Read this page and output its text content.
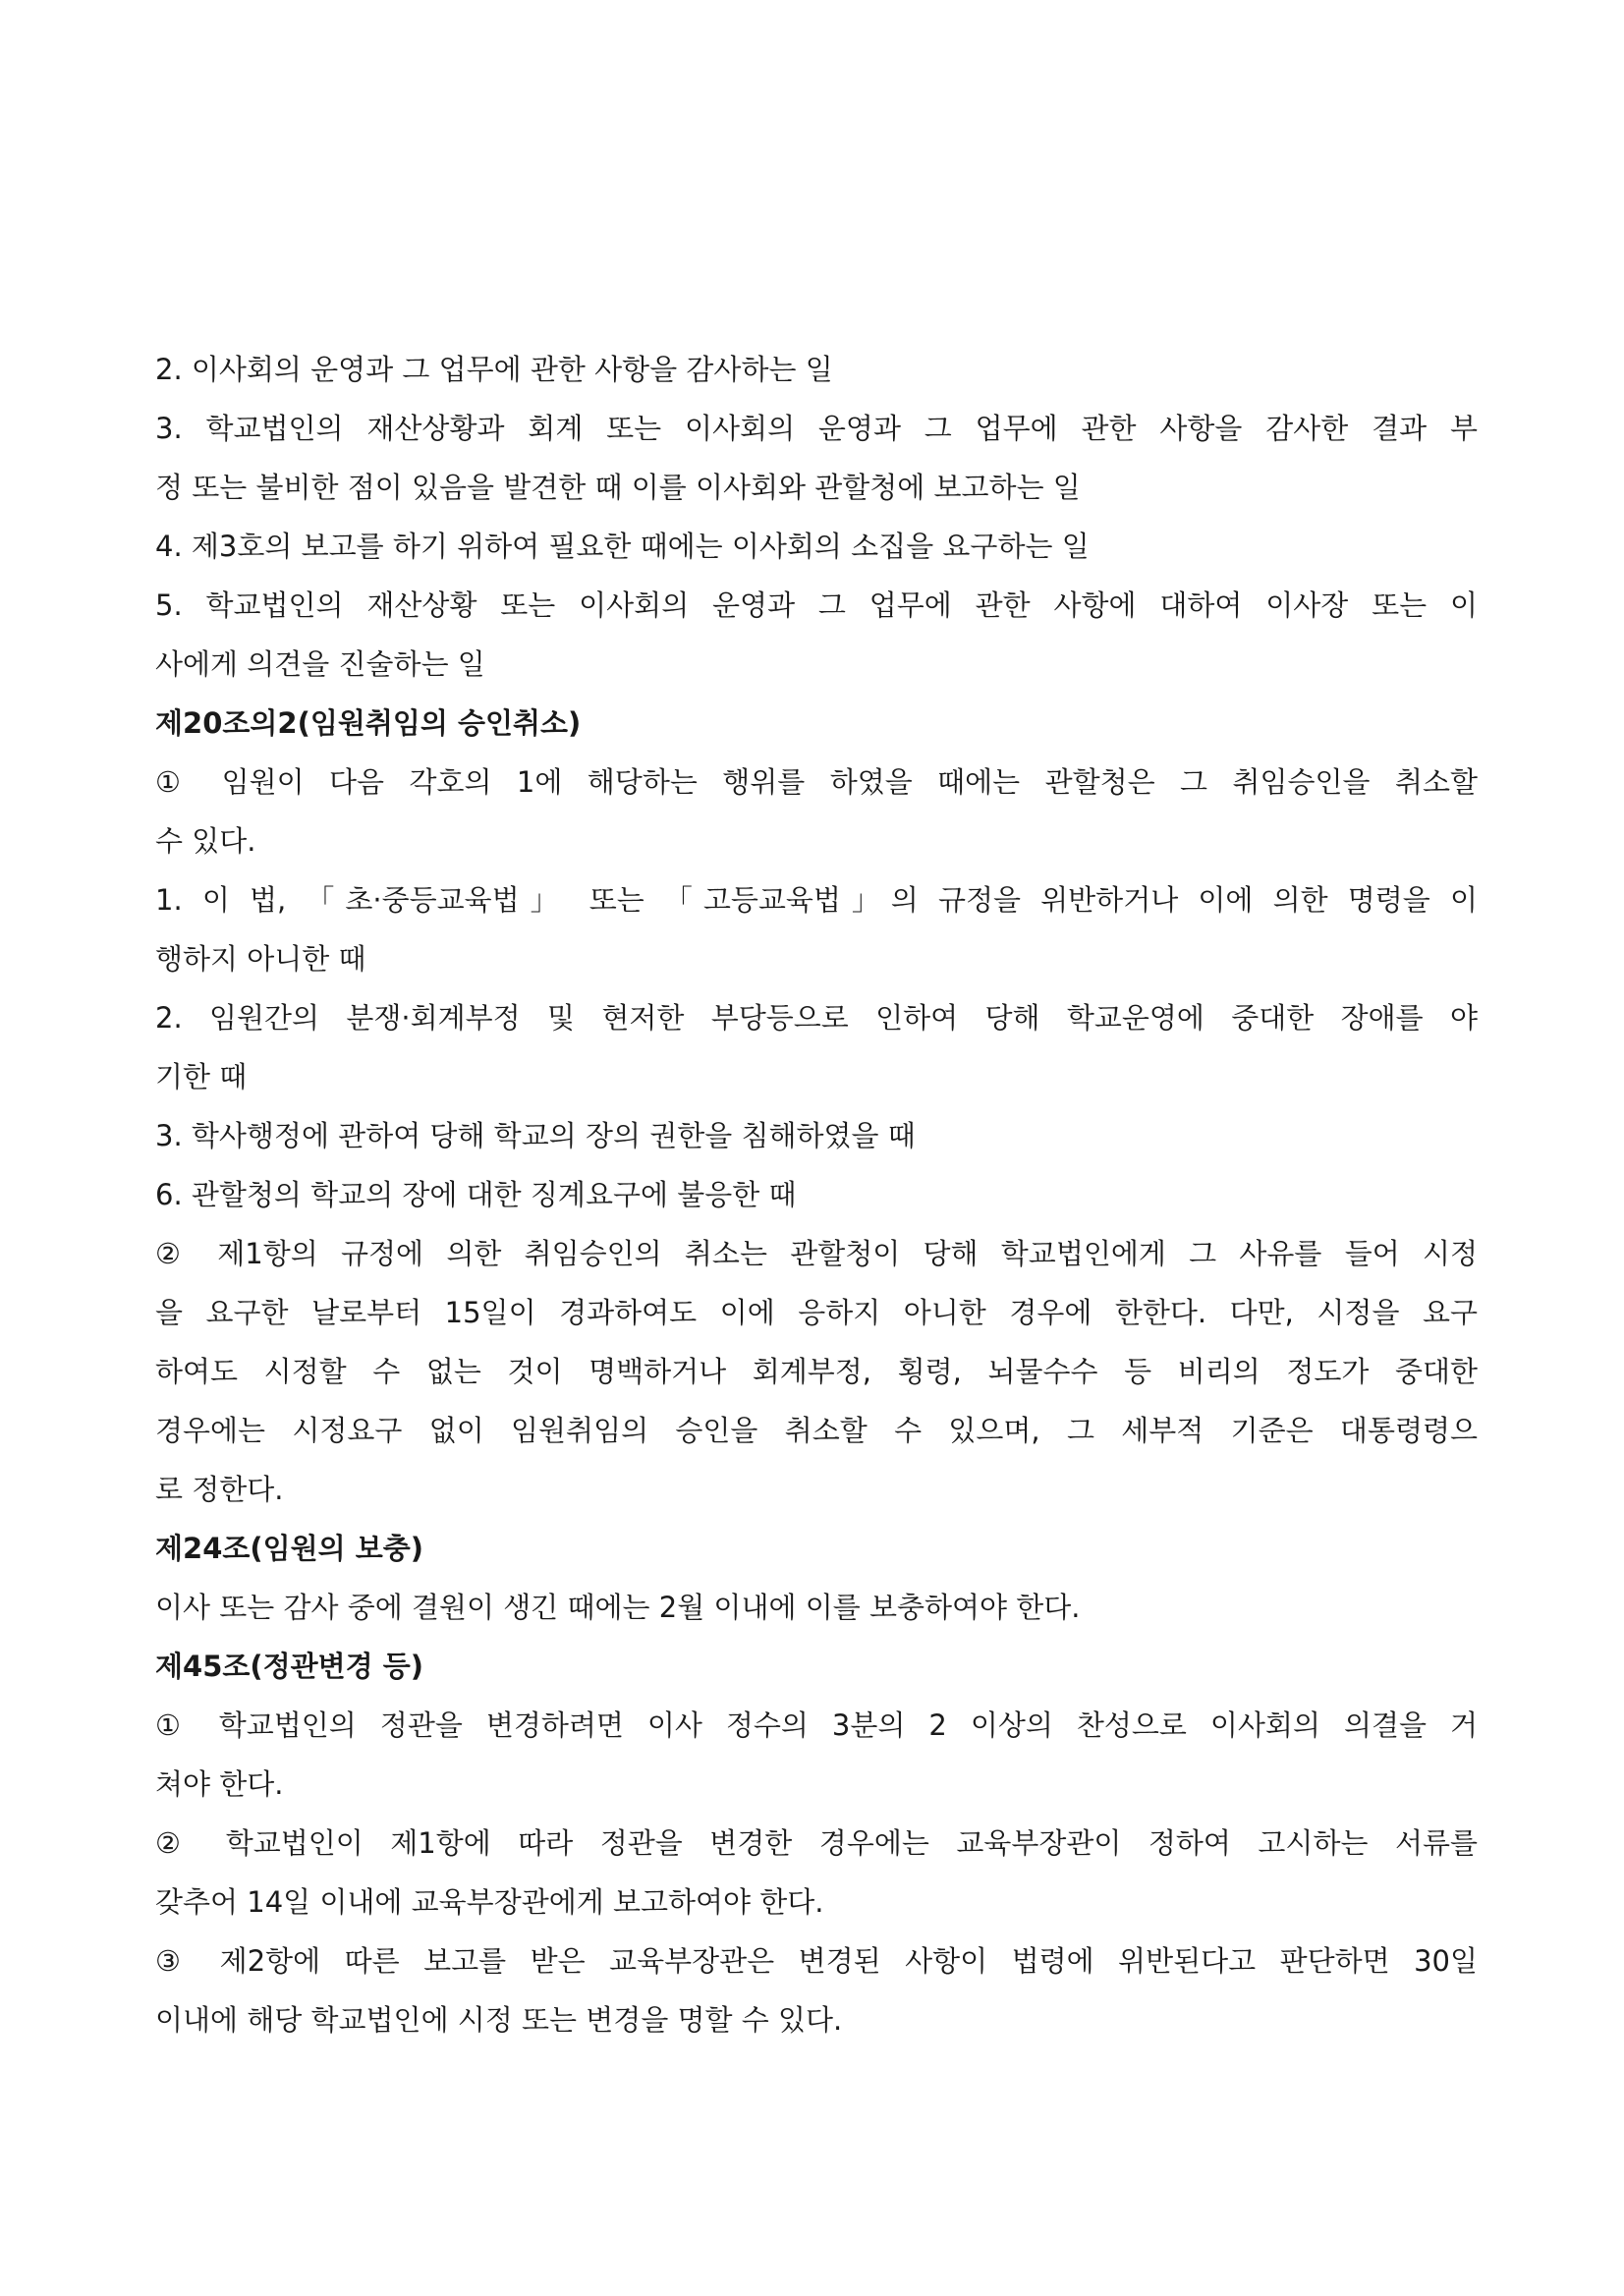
2. 이사회의 운영과 그 업무에 관한 사항을 감사하는 일
3. 학교법인의 재산상황과 회계 또는 이사회의 운영과 그 업무에 관한 사항을 감사한 결과 부
정 또는 불비한 점이 있음을 발견한 때 이를 이사회와 관할청에 보고하는 일
4. 제3호의 보고를 하기 위하여 필요한 때에는 이사회의 소집을 요구하는 일
5. 학교법인의 재산상황 또는 이사회의 운영과 그 업무에 관한 사항에 대하여 이사장 또는 이
사에게 의견을 진술하는 일
제20조의2(임원취임의 승인취소)
① 임원이 다음 각호의 1에 해당하는 행위를 하였을 때에는 관할청은 그 취임승인을 취소할
수 있다.
1. 이 법, 「초·중등교육법」 또는 「고등교육법」의 규정을 위반하거나 이에 의한 명령을 이
행하지 아니한 때
2. 임원간의 분쟁·회계부정 및 현저한 부당등으로 인하여 당해 학교운영에 중대한 장애를 야
기한 때
3. 학사행정에 관하여 당해 학교의 장의 권한을 침해하였을 때
6. 관할청의 학교의 장에 대한 징계요구에 불응한 때
② 제1항의 규정에 의한 취임승인의 취소는 관할청이 당해 학교법인에게 그 사유를 들어 시정
을 요구한 날로부터 15일이 경과하여도 이에 응하지 아니한 경우에 한한다. 다만, 시정을 요구
하여도 시정할 수 없는 것이 명백하거나 회계부정, 횡령, 뇌물수수 등 비리의 정도가 중대한
경우에는 시정요구 없이 임원취임의 승인을 취소할 수 있으며, 그 세부적 기준은 대통령령으
로 정한다.
제24조(임원의 보충)
이사 또는 감사 중에 결원이 생긴 때에는 2월 이내에 이를 보충하여야 한다.
제45조(정관변경 등)
① 학교법인의 정관을 변경하려면 이사 정수의 3분의 2 이상의 찬성으로 이사회의 의결을 거
쳐야 한다.
② 학교법인이 제1항에 따라 정관을 변경한 경우에는 교육부장관이 정하여 고시하는 서류를
갖추어 14일 이내에 교육부장관에게 보고하여야 한다.
③ 제2항에 따른 보고를 받은 교육부장관은 변경된 사항이 법령에 위반된다고 판단하면 30일
이내에 해당 학교법인에 시정 또는 변경을 명할 수 있다.
